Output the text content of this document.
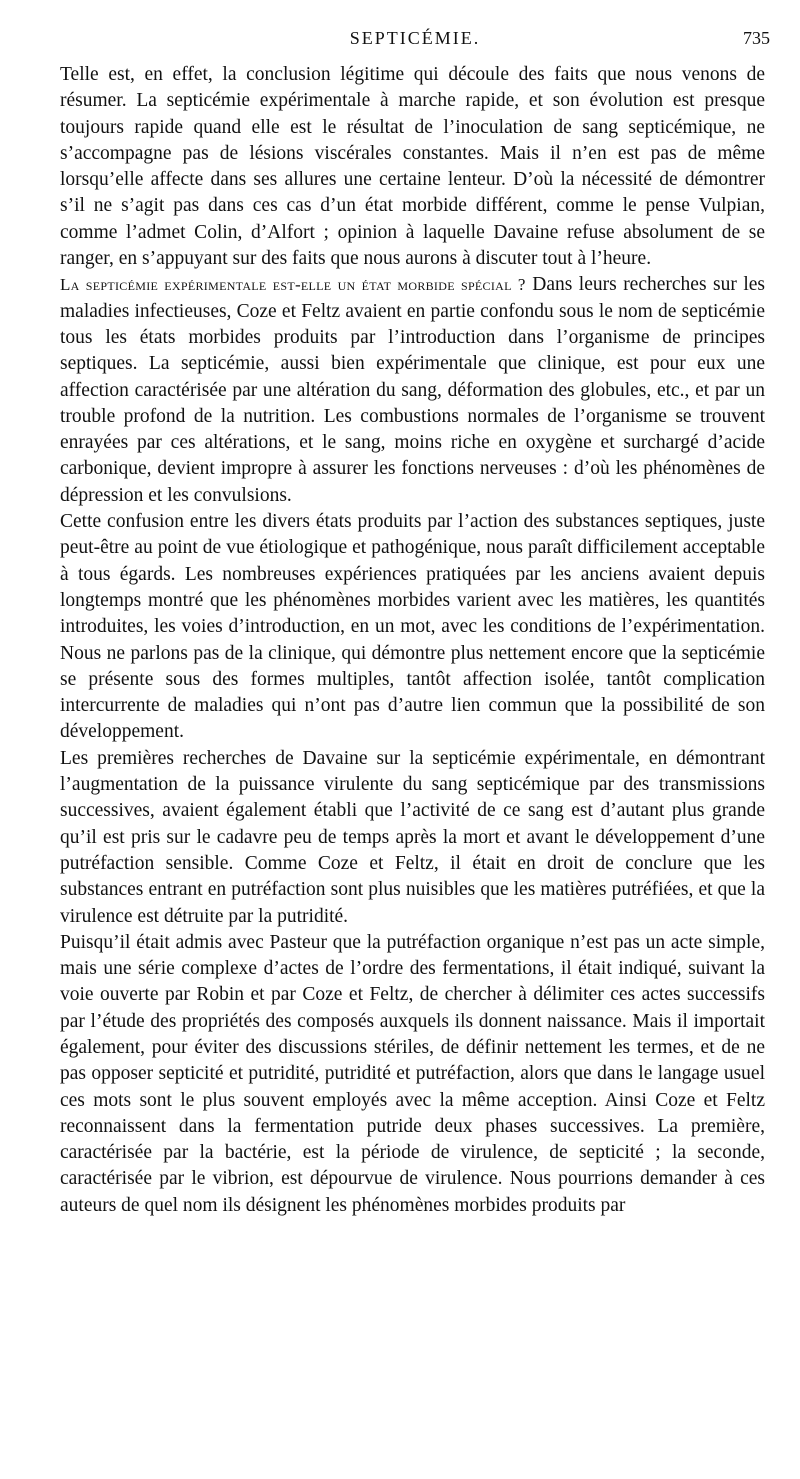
SEPTICÉMIE.	735

Telle est, en effet, la conclusion légitime qui découle des faits que nous venons de résumer. La septicémie expérimentale à marche rapide, et son évolution est presque toujours rapide quand elle est le résultat de l’inoculation de sang septicémique, ne s’accompagne pas de lésions viscérales constantes. Mais il n’en est pas de même lorsqu’elle affecte dans ses allures une certaine lenteur. D’où la nécessité de démontrer s’il ne s’agit pas dans ces cas d’un état morbide différent, comme le pense Vulpian, comme l’admet Colin, d’Alfort ; opinion à laquelle Davaine refuse absolument de se ranger, en s’appuyant sur des faits que nous aurons à discuter tout à l’heure.

La septicémie expérimentale est-elle un état morbide spécial ? Dans leurs recherches sur les maladies infectieuses, Coze et Feltz avaient en partie confondu sous le nom de septicémie tous les états morbides produits par l’introduction dans l’organisme de principes septiques. La septicémie, aussi bien expérimentale que clinique, est pour eux une affection caractérisée par une altération du sang, déformation des globules, etc., et par un trouble profond de la nutrition. Les combustions normales de l’organisme se trouvent enrayées par ces altérations, et le sang, moins riche en oxygène et surchargé d’acide carbonique, devient impropre à assurer les fonctions nerveuses : d’où les phénomènes de dépression et les convulsions.

Cette confusion entre les divers états produits par l’action des substances septiques, juste peut-être au point de vue étiologique et pathogénique, nous paraît difficilement acceptable à tous égards. Les nombreuses expériences pratiquées par les anciens avaient depuis longtemps montré que les phénomènes morbides varient avec les matières, les quantités introduites, les voies d’introduction, en un mot, avec les conditions de l’expérimentation. Nous ne parlons pas de la clinique, qui démontre plus nettement encore que la septicémie se présente sous des formes multiples, tantôt affection isolée, tantôt complication intercurrente de maladies qui n’ont pas d’autre lien commun que la possibilité de son développement.

Les premières recherches de Davaine sur la septicémie expérimentale, en démontrant l’augmentation de la puissance virulente du sang septicémique par des transmissions successives, avaient également établi que l’activité de ce sang est d’autant plus grande qu’il est pris sur le cadavre peu de temps après la mort et avant le développement d’une putréfaction sensible. Comme Coze et Feltz, il était en droit de conclure que les substances entrant en putréfaction sont plus nuisibles que les matières putréfiées, et que la virulence est détruite par la putridité.

Puisqu’il était admis avec Pasteur que la putréfaction organique n’est pas un acte simple, mais une série complexe d’actes de l’ordre des fermentations, il était indiqué, suivant la voie ouverte par Robin et par Coze et Feltz, de chercher à délimiter ces actes successifs par l’étude des propriétés des composés auxquels ils donnent naissance. Mais il importait également, pour éviter des discussions stériles, de définir nettement les termes, et de ne pas opposer septicité et putridité, putridité et putréfaction, alors que dans le langage usuel ces mots sont le plus souvent employés avec la même acception. Ainsi Coze et Feltz reconnaissent dans la fermentation putride deux phases successives. La première, caractérisée par la bactérie, est la période de virulence, de septicité ; la seconde, caractérisée par le vibrion, est dépourvue de virulence. Nous pourrions demander à ces auteurs de quel nom ils désignent les phénomènes morbides produits par
